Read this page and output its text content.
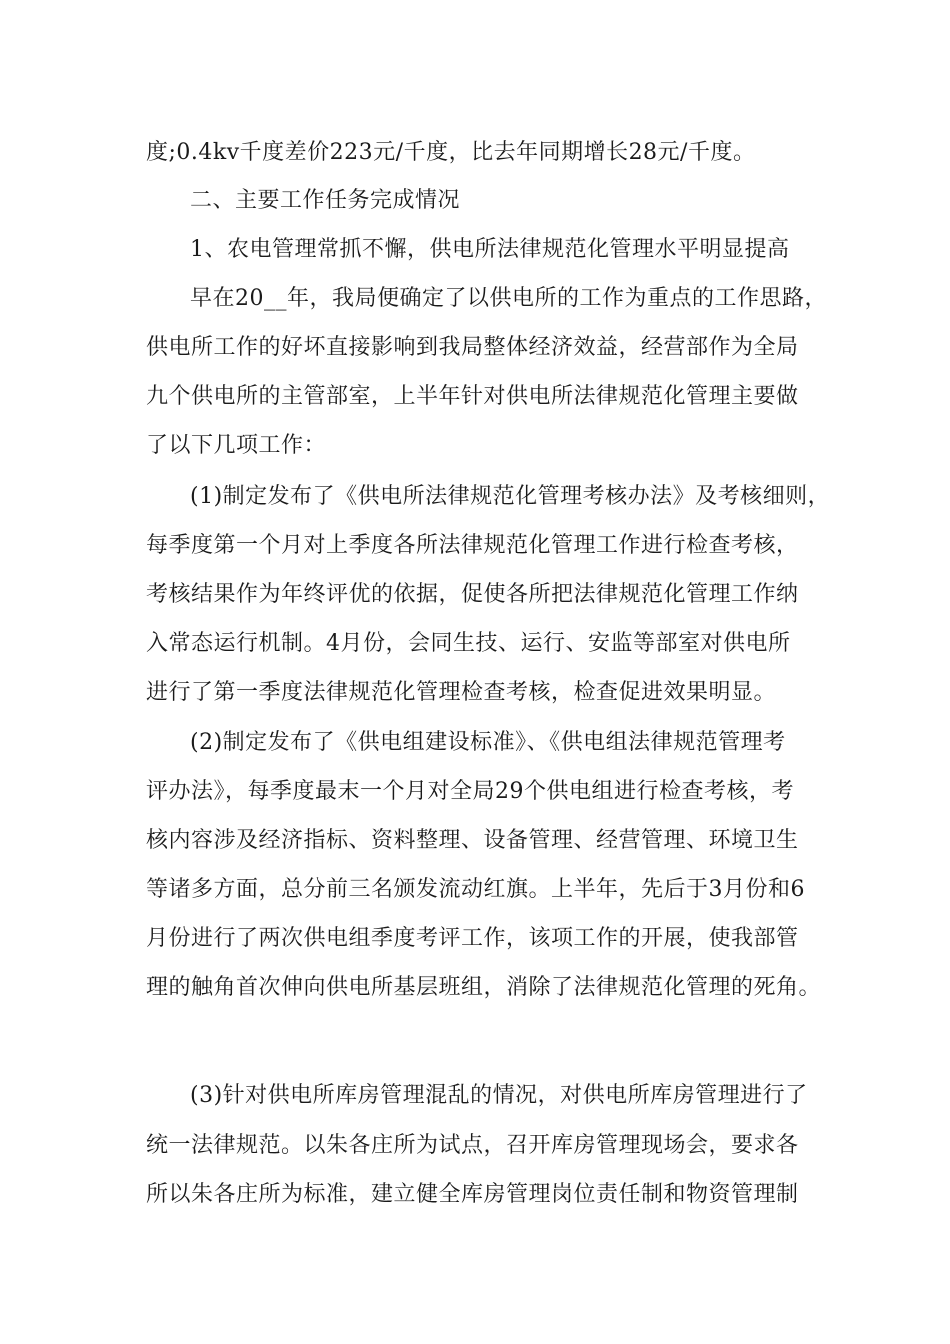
度;0.4kv千度差价223元/千度，比去年同期增长28元/千度。
二、主要工作任务完成情况
1、农电管理常抓不懈，供电所法律规范化管理水平明显提高
早在20__年，我局便确定了以供电所的工作为重点的工作思路，
供电所工作的好坏直接影响到我局整体经济效益，经营部作为全局
九个供电所的主管部室，上半年针对供电所法律规范化管理主要做
了以下几项工作：
(1)制定发布了《供电所法律规范化管理考核办法》及考核细则，
每季度第一个月对上季度各所法律规范化管理工作进行检查考核，
考核结果作为年终评优的依据，促使各所把法律规范化管理工作纳
入常态运行机制。4月份，会同生技、运行、安监等部室对供电所
进行了第一季度法律规范化管理检查考核，检查促进效果明显。
(2)制定发布了《供电组建设标准》、《供电组法律规范管理考
评办法》，每季度最末一个月对全局29个供电组进行检查考核，考
核内容涉及经济指标、资料整理、设备管理、经营管理、环境卫生
等诸多方面，总分前三名颁发流动红旗。上半年，先后于3月份和6
月份进行了两次供电组季度考评工作，该项工作的开展，使我部管
理的触角首次伸向供电所基层班组，消除了法律规范化管理的死角。
(3)针对供电所库房管理混乱的情况，对供电所库房管理进行了
统一法律规范。以朱各庄所为试点，召开库房管理现场会，要求各
所以朱各庄所为标准，建立健全库房管理岗位责任制和物资管理制
